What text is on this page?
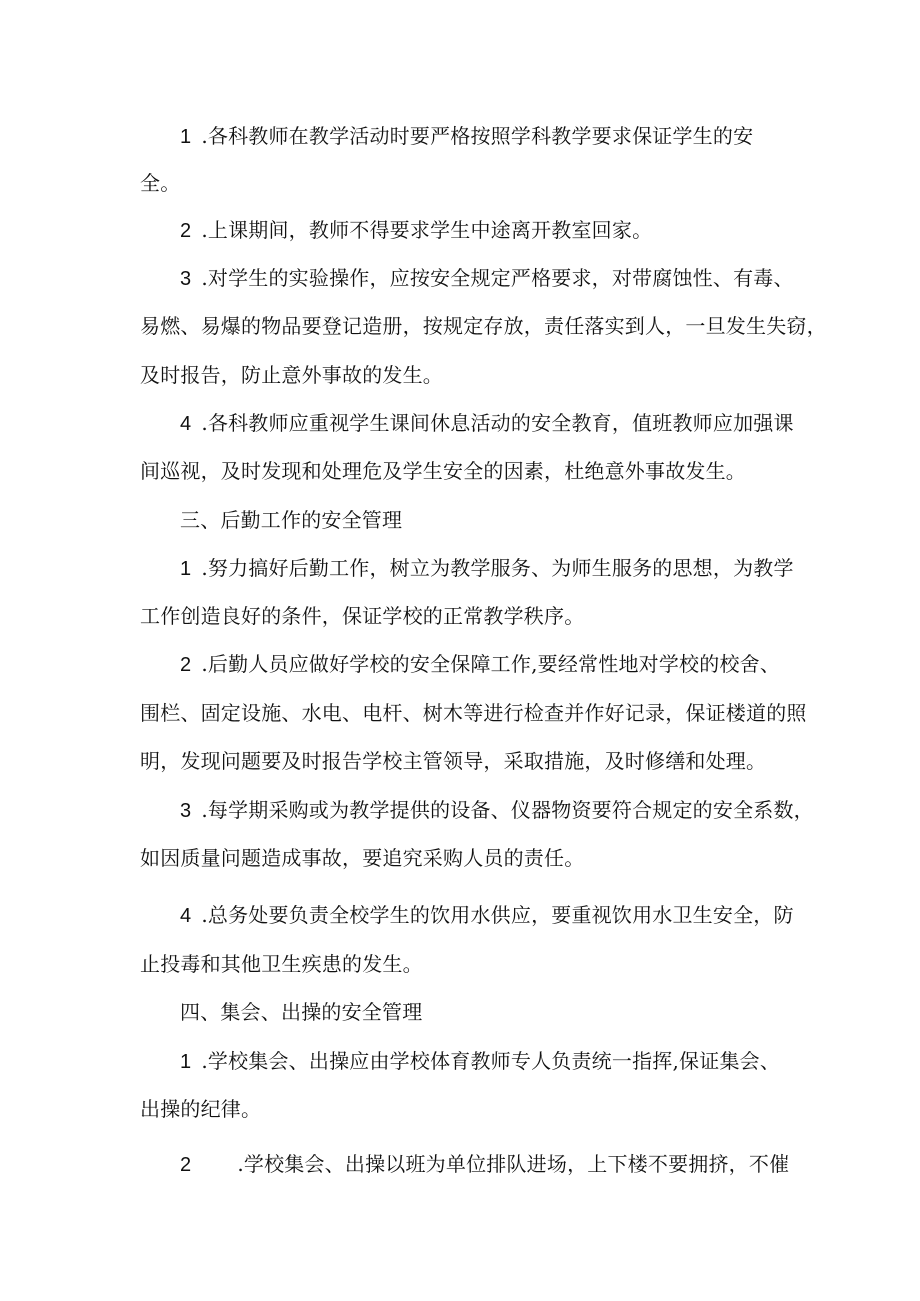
1 .各科教师在教学活动时要严格按照学科教学要求保证学生的安
全。
2 .上课期间，教师不得要求学生中途离开教室回家。
3 .对学生的实验操作，应按安全规定严格要求，对带腐蚀性、有毒、
易燃、易爆的物品要登记造册，按规定存放，责任落实到人，一旦发生失窃，
及时报告，防止意外事故的发生。
4 .各科教师应重视学生课间休息活动的安全教育，值班教师应加强课
间巡视，及时发现和处理危及学生安全的因素，杜绝意外事故发生。
三、后勤工作的安全管理
1 .努力搞好后勤工作，树立为教学服务、为师生服务的思想，为教学
工作创造良好的条件，保证学校的正常教学秩序。
2 .后勤人员应做好学校的安全保障工作,要经常性地对学校的校舍、
围栏、固定设施、水电、电杆、树木等进行检查并作好记录，保证楼道的照
明，发现问题要及时报告学校主管领导，采取措施，及时修缮和处理。
3 .每学期采购或为教学提供的设备、仪器物资要符合规定的安全系数，
如因质量问题造成事故，要追究采购人员的责任。
4 .总务处要负责全校学生的饮用水供应，要重视饮用水卫生安全，防
止投毒和其他卫生疾患的发生。
四、集会、出操的安全管理
1 .学校集会、出操应由学校体育教师专人负责统一指挥,保证集会、
出操的纪律。
2 .学校集会、出操以班为单位排队进场，上下楼不要拥挤，不催
